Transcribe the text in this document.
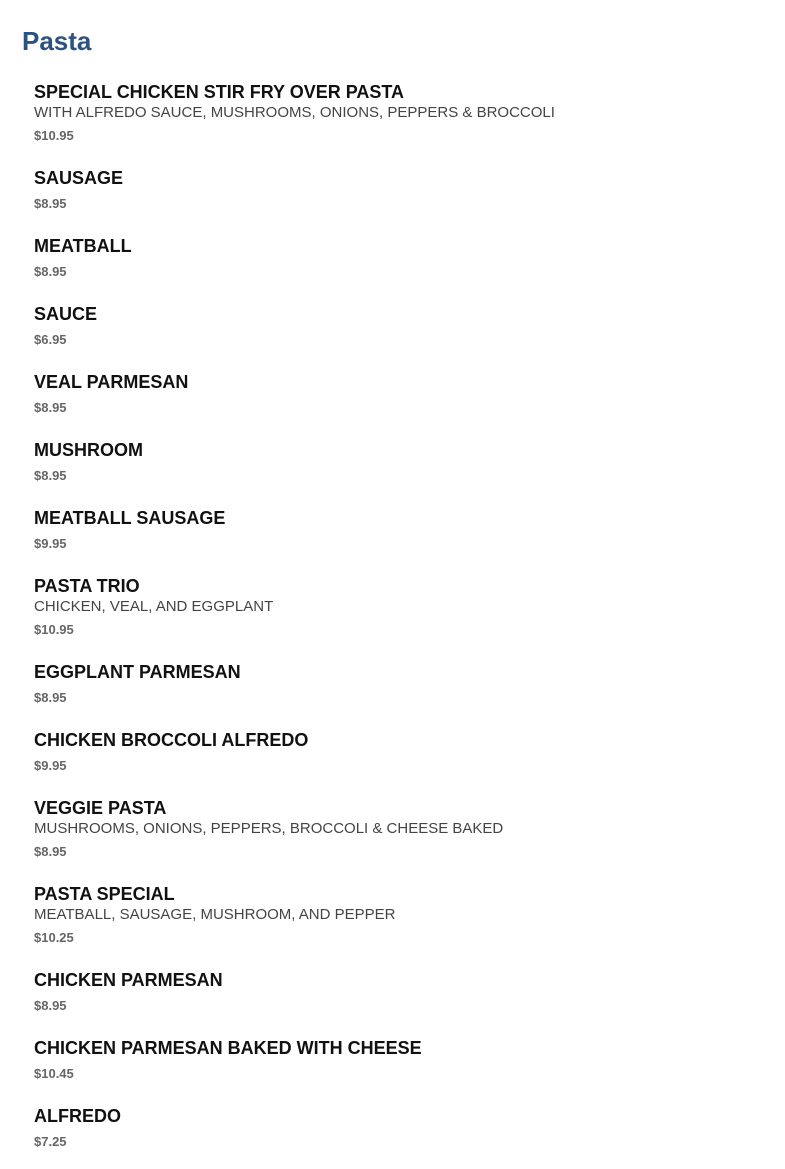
Pasta
SPECIAL CHICKEN STIR FRY OVER PASTA
WITH ALFREDO SAUCE, MUSHROOMS, ONIONS, PEPPERS & BROCCOLI
$10.95
SAUSAGE
$8.95
MEATBALL
$8.95
SAUCE
$6.95
VEAL PARMESAN
$8.95
MUSHROOM
$8.95
MEATBALL SAUSAGE
$9.95
PASTA TRIO
CHICKEN, VEAL, AND EGGPLANT
$10.95
EGGPLANT PARMESAN
$8.95
CHICKEN BROCCOLI ALFREDO
$9.95
VEGGIE PASTA
MUSHROOMS, ONIONS, PEPPERS, BROCCOLI & CHEESE BAKED
$8.95
PASTA SPECIAL
MEATBALL, SAUSAGE, MUSHROOM, AND PEPPER
$10.25
CHICKEN PARMESAN
$8.95
CHICKEN PARMESAN BAKED WITH CHEESE
$10.45
ALFREDO
$7.25
